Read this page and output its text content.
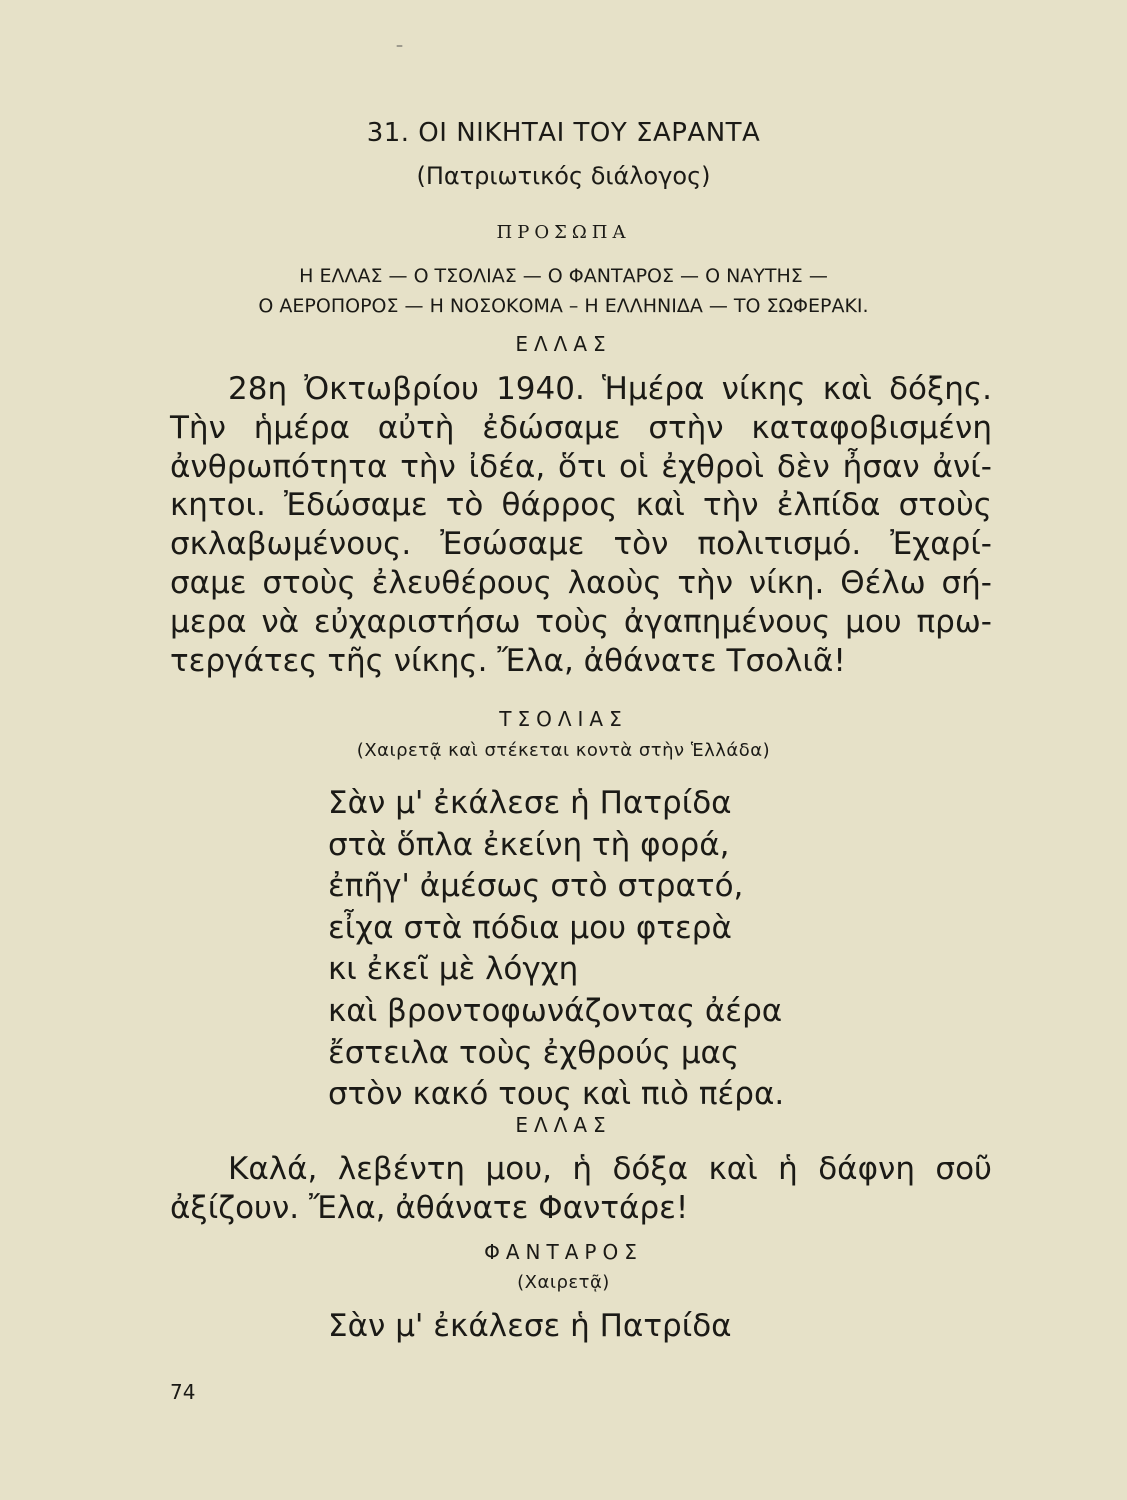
–
31. ΟΙ ΝΙΚΗΤΑΙ ΤΟΥ ΣΑΡΑΝΤΑ
(Πατριωτικός διάλογος)
ΠΡΟΣΩΠΑ
Η ΕΛΛΑΣ — Ο ΤΣΟΛΙΑΣ — Ο ΦΑΝΤΑΡΟΣ — Ο ΝΑΥΤΗΣ —
Ο ΑΕΡΟΠΟΡΟΣ — Η ΝΟΣΟΚΟΜΑ – Η ΕΛΛΗΝΙΔΑ — ΤΟ ΣΩΦΕΡΑΚΙ.
ΕΛΛΑΣ
28η Ὀκτωβρίου 1940. Ἡμέρα νίκης καὶ δόξης.
Τὴν ἡμέρα αὐτὴ ἐδώσαμε στὴν καταφοβισμένη
ἀνθρωπότητα τὴν ἰδέα, ὅτι οἱ ἐχθροὶ δὲν ἦσαν ἀνί-
κητοι. Ἐδώσαμε τὸ θάρρος καὶ τὴν ἐλπίδα στοὺς
σκλαβωμένους. Ἐσώσαμε τὸν πολιτισμό. Ἐχαρί-
σαμε στοὺς ἐλευθέρους λαοὺς τὴν νίκη. Θέλω σή-
μερα νὰ εὐχαριστήσω τοὺς ἀγαπημένους μου πρω-
τεργάτες τῆς νίκης. Ἔλα, ἀθάνατε Τσολιᾶ!
ΤΣΟΛΙΑΣ
(Χαιρετᾷ καὶ στέκεται κοντὰ στὴν Ἑλλάδα)
Σὰν μ' ἐκάλεσε ἡ Πατρίδα
στὰ ὅπλα ἐκείνη τὴ φορά,
ἐπῆγ' ἀμέσως στὸ στρατό,
εἶχα στὰ πόδια μου φτερὰ
κι ἐκεῖ μὲ λόγχη
καὶ βροντοφωνάζοντας ἀέρα
ἔστειλα τοὺς ἐχθρούς μας
στὸν κακό τους καὶ πιὸ πέρα.
ΕΛΛΑΣ
Καλά, λεβέντη μου, ἡ δόξα καὶ ἡ δάφνη σοῦ
ἀξίζουν. Ἔλα, ἀθάνατε Φαντάρε!
ΦΑΝΤΑΡΟΣ
(Χαιρετᾷ)
Σὰν μ' ἐκάλεσε ἡ Πατρίδα
74
